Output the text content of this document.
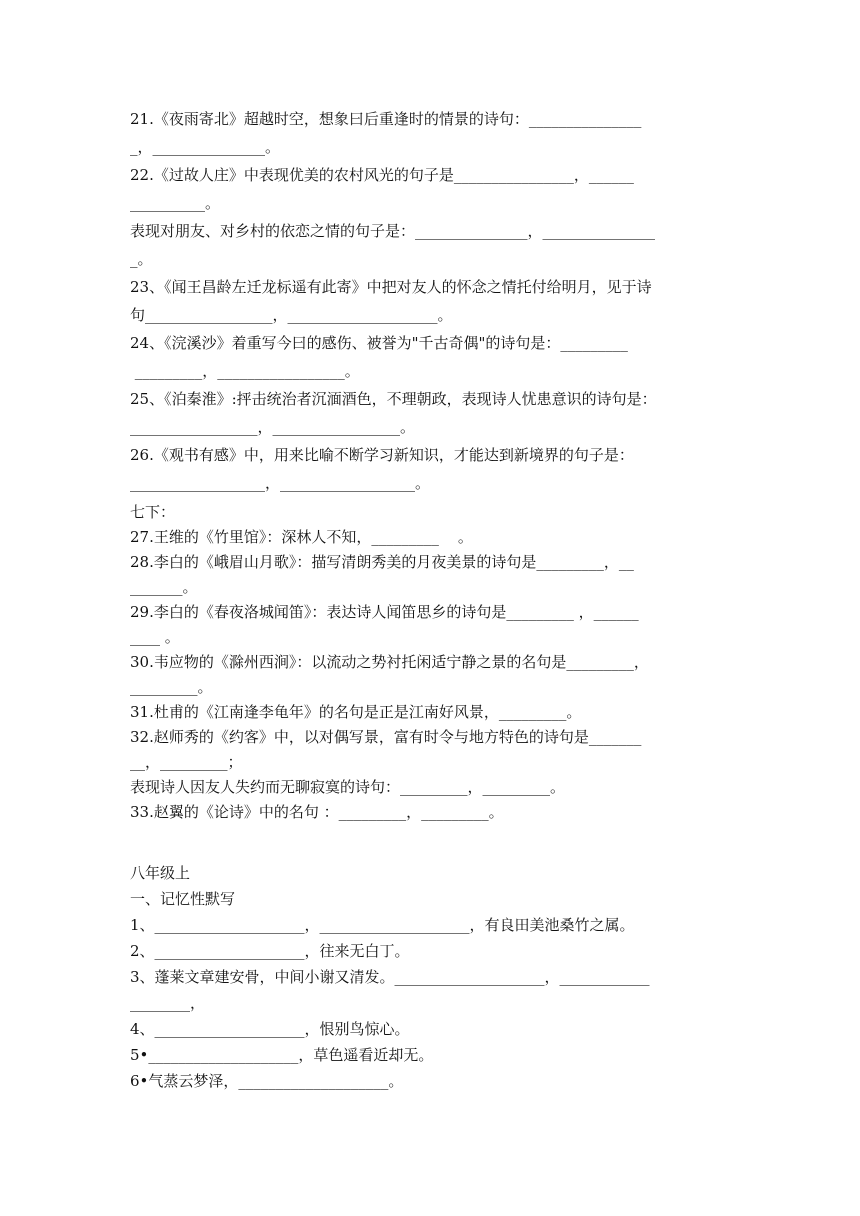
21.《夜雨寄北》超越时空，想象曰后重逢时的情景的诗句：_______________
_，_______________。
22.《过故人庄》中表现优美的农村风光的句子是________________，______
__________。
表现对朋友、对乡村的依恋之情的句子是：_______________，_______________
_。
23、《闻王昌龄左迁龙标遥有此寄》中把对友人的怀念之情托付给明月，见于诗
句_________________，____________________。
24、《浣溪沙》着重写今曰的感伤、被誉为"千古奇偶"的诗句是：_________
_________，_________________。
25、《泊秦淮》:抨击统治者沉湎酒色，不理朝政，表现诗人忧患意识的诗句是：
_________________，_________________。
26.《观书有感》中，用来比喻不断学习新知识，才能达到新境界的句子是：
__________________，__________________。
七下：
27.王维的《竹里馆》：深林人不知，_________    。
28.李白的《峨眉山月歌》：描写清朗秀美的月夜美景的诗句是_________，__
_______。
29.李白的《春夜洛城闻笛》：表达诗人闻笛思乡的诗句是_________ ，______
____ 。
30.韦应物的《滁州西涧》：以流动之势衬托闲适宁静之景的名句是_________，
_________。
31.杜甫的《江南逢李龟年》的名句是正是江南好风景，_________。
32.赵师秀的《约客》中，以对偶写景，富有时令与地方特色的诗句是_______
__，_________；
表现诗人因友人失约而无聊寂寞的诗句：_________，_________。
33.赵翼的《论诗》中的名句 ：_________，_________。
八年级上
一、记忆性默写
1、____________________，____________________，有良田美池桑竹之属。
2、____________________，往来无白丁。
3、蓬莱文章建安骨，中间小谢又清发。____________________，____________
________，
4、____________________，恨别鸟惊心。
5•____________________，草色遥看近却无。
6•气蒸云梦泽，____________________。
